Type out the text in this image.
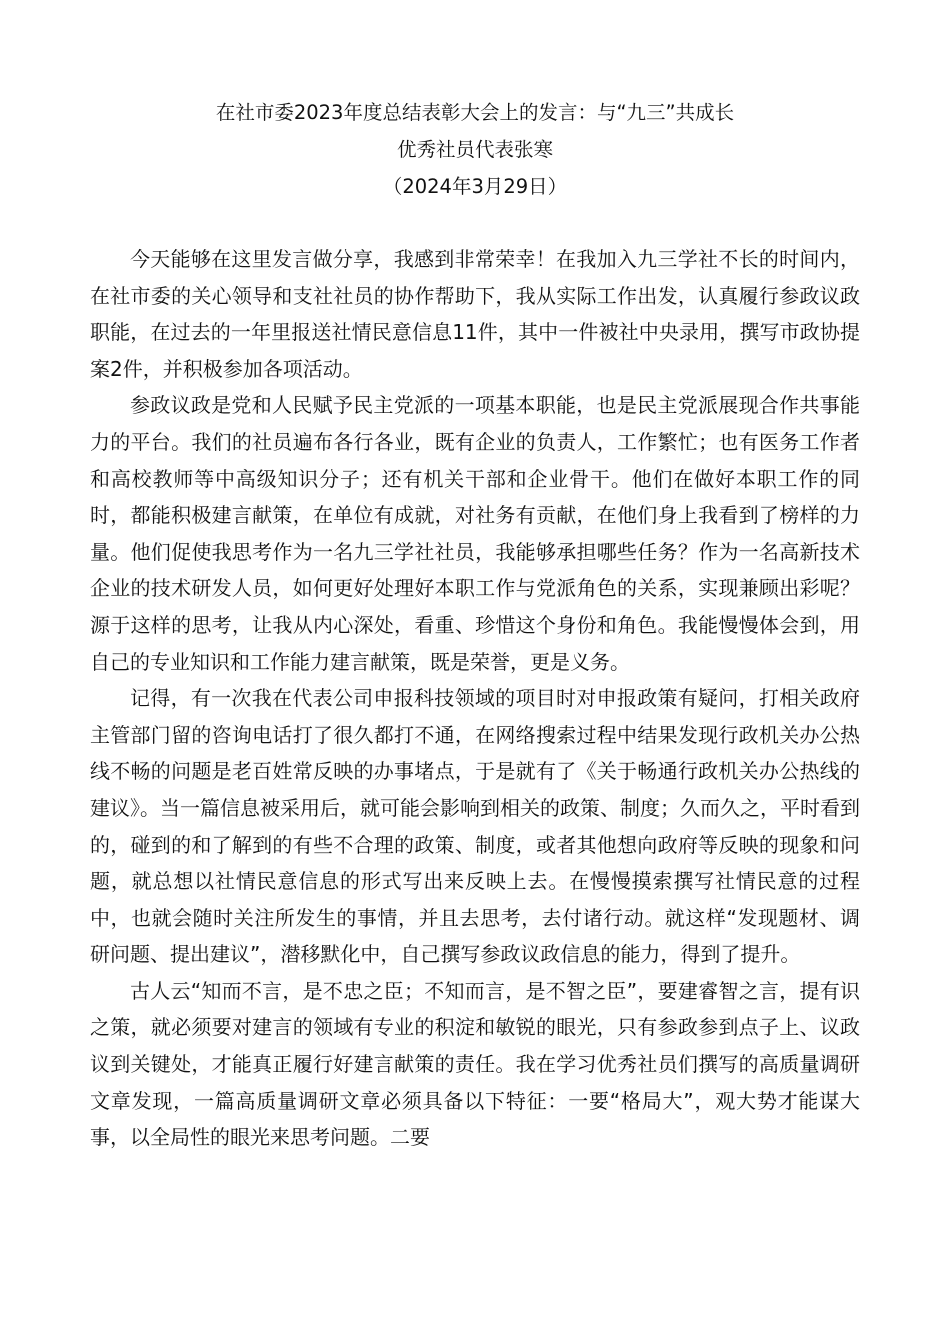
在社市委2023年度总结表彰大会上的发言：与“九三”共成长
优秀社员代表张寒
（2024年3月29日）

今天能够在这里发言做分享，我感到非常荣幸！在我加入九三学社不长的时间内，在社市委的关心领导和支社社员的协作帮助下，我从实际工作出发，认真履行参政议政职能，在过去的一年里报送社情民意信息11件，其中一件被社中央录用，撰写市政协提案2件，并积极参加各项活动。

参政议政是党和人民赋予民主党派的一项基本职能，也是民主党派展现合作共事能力的平台。我们的社员遍布各行各业，既有企业的负责人，工作繁忙；也有医务工作者和高校教师等中高级知识分子；还有机关干部和企业骨干。他们在做好本职工作的同时，都能积极建言献策，在单位有成就，对社务有贡献，在他们身上我看到了榜样的力量。他们促使我思考作为一名九三学社社员，我能够承担哪些任务？作为一名高新技术企业的技术研发人员，如何更好处理好本职工作与党派角色的关系，实现兼顾出彩呢？源于这样的思考，让我从内心深处，看重、珍惜这个身份和角色。我能慢慢体会到，用自己的专业知识和工作能力建言献策，既是荣誉，更是义务。

记得，有一次我在代表公司申报科技领域的项目时对申报政策有疑问，打相关政府主管部门留的咨询电话打了很久都打不通，在网络搜索过程中结果发现行政机关办公热线不畅的问题是老百姓常反映的办事堵点，于是就有了《关于畅通行政机关办公热线的建议》。当一篇信息被采用后，就可能会影响到相关的政策、制度；久而久之，平时看到的，碰到的和了解到的有些不合理的政策、制度，或者其他想向政府等反映的现象和问题，就总想以社情民意信息的形式写出来反映上去。在慢慢摸索撰写社情民意的过程中，也就会随时关注所发生的事情，并且去思考，去付诸行动。就这样“发现题材、调研问题、提出建议”，潜移默化中，自己撰写参政议政信息的能力，得到了提升。

古人云“知而不言，是不忠之臣；不知而言，是不智之臣”，要建睿智之言，提有识之策，就必须要对建言的领域有专业的积淀和敏锐的眼光，只有参政参到点子上、议政议到关键处，才能真正履行好建言献策的责任。我在学习优秀社员们撰写的高质量调研文章发现，一篇高质量调研文章必须具备以下特征：一要“格局大”，观大势才能谋大事，以全局性的眼光来思考问题。二要
